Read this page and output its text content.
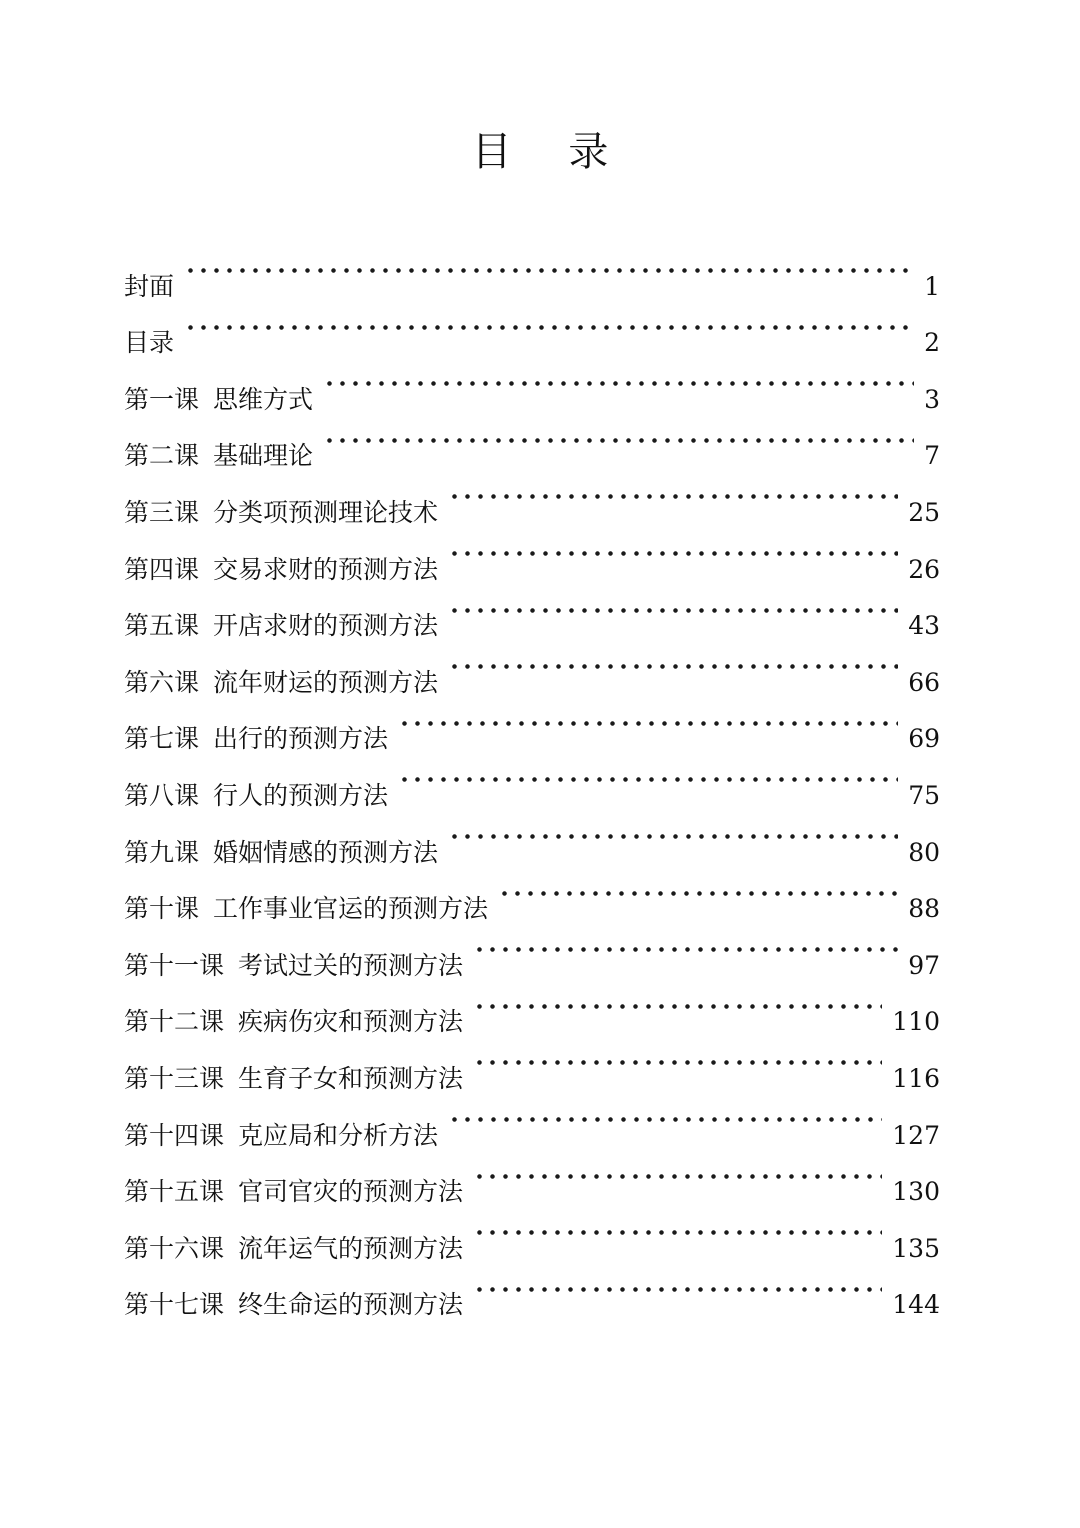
目 录
封面	1
目录	2
第一课 思维方式	3
第二课 基础理论	7
第三课 分类项预测理论技术	25
第四课 交易求财的预测方法	26
第五课 开店求财的预测方法	43
第六课 流年财运的预测方法	66
第七课 出行的预测方法	69
第八课 行人的预测方法	75
第九课 婚姻情感的预测方法	80
第十课 工作事业官运的预测方法	88
第十一课 考试过关的预测方法	97
第十二课 疾病伤灾和预测方法	110
第十三课 生育子女和预测方法	116
第十四课 克应局和分析方法	127
第十五课 官司官灾的预测方法	130
第十六课 流年运气的预测方法	135
第十七课 终生命运的预测方法	144
